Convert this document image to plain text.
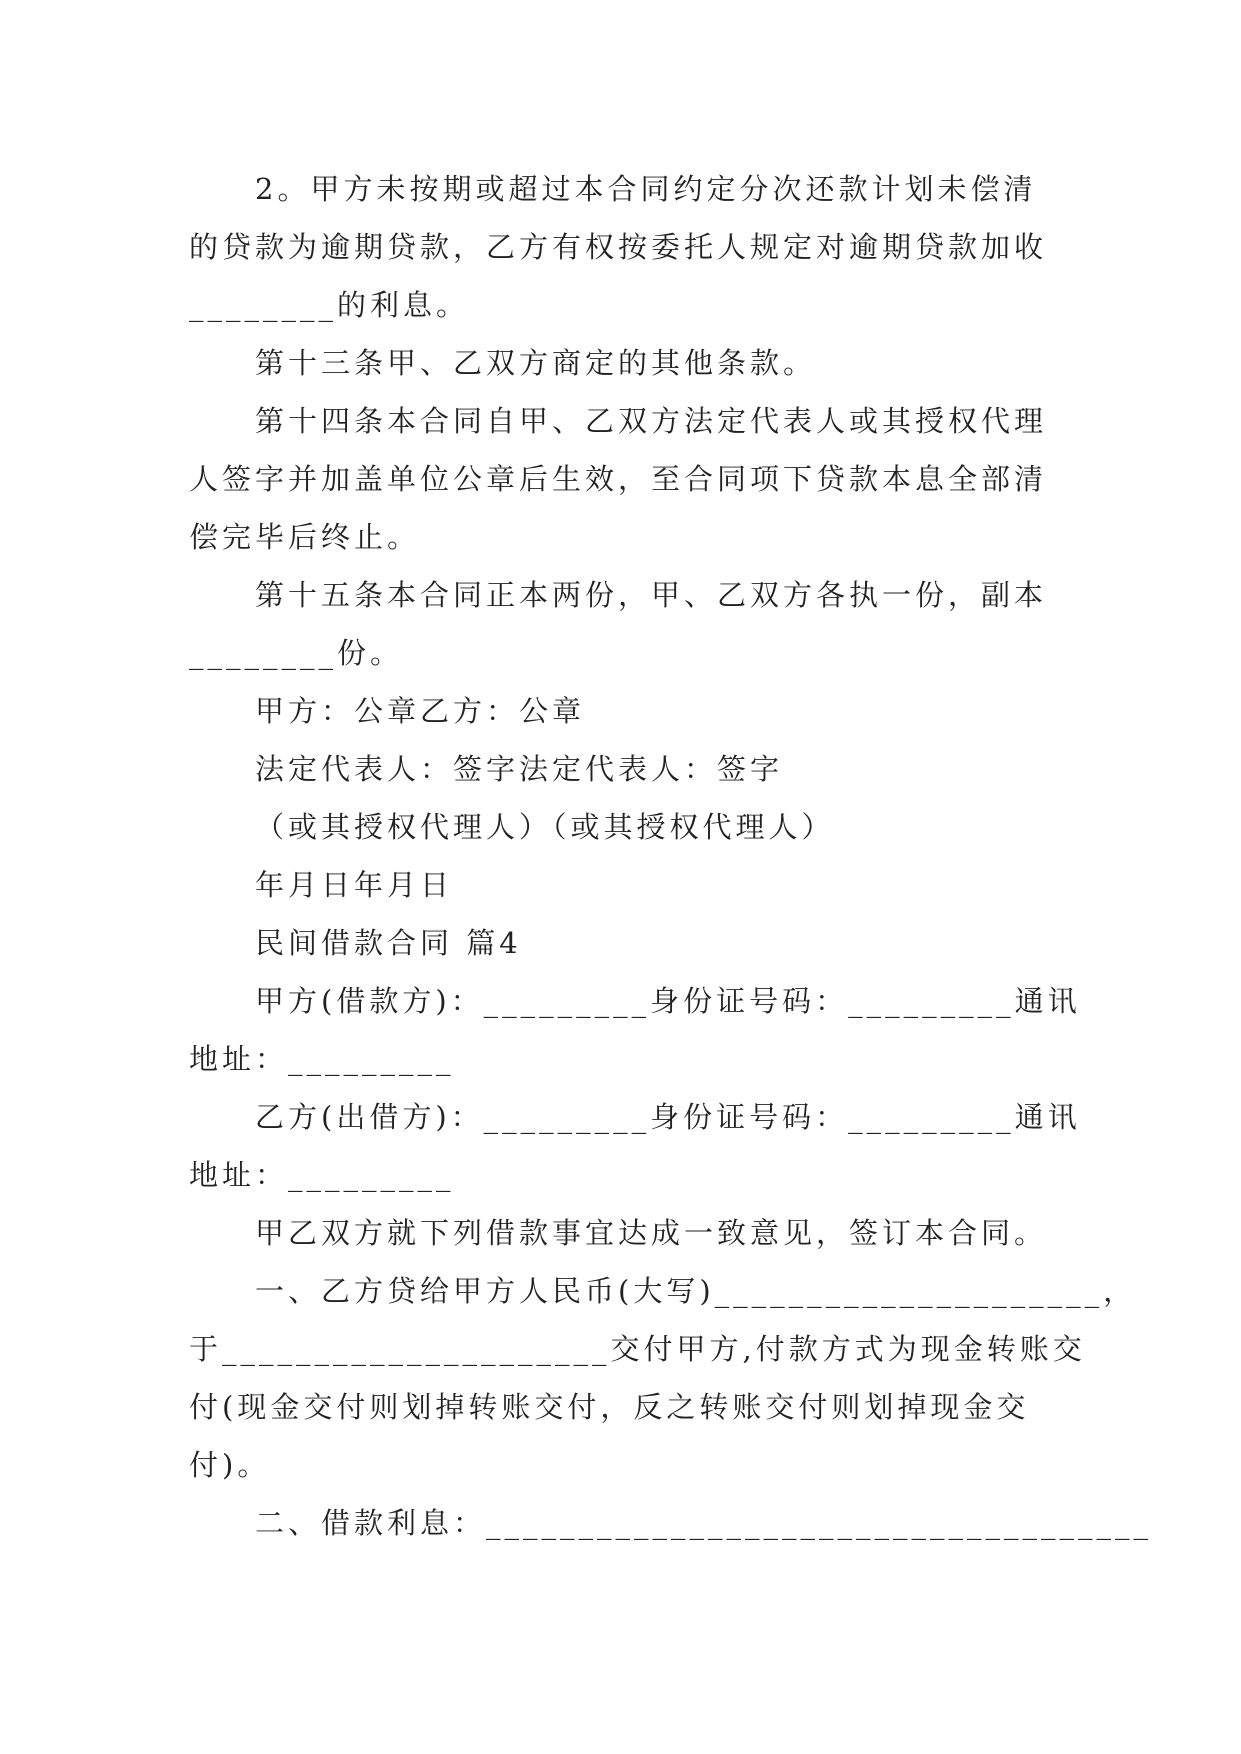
2。甲方未按期或超过本合同约定分次还款计划未偿清

的贷款为逾期贷款，乙方有权按委托人规定对逾期贷款加收

________的利息。

第十三条甲、乙双方商定的其他条款。

第十四条本合同自甲、乙双方法定代表人或其授权代理

人签字并加盖单位公章后生效，至合同项下贷款本息全部清

偿完毕后终止。

第十五条本合同正本两份，甲、乙双方各执一份，副本

________份。

甲方：公章乙方：公章

法定代表人：签字法定代表人：签字

（或其授权代理人）（或其授权代理人）

年月日年月日

民间借款合同 篇4

甲方(借款方)：_________身份证号码：_________通讯

地址：_________

乙方(出借方)：_________身份证号码：_________通讯

地址：_________

甲乙双方就下列借款事宜达成一致意见，签订本合同。

一、乙方贷给甲方人民币(大写)_____________________，

于_____________________交付甲方,付款方式为现金转账交

付(现金交付则划掉转账交付，反之转账交付则划掉现金交

付)。

二、借款利息：____________________________________
